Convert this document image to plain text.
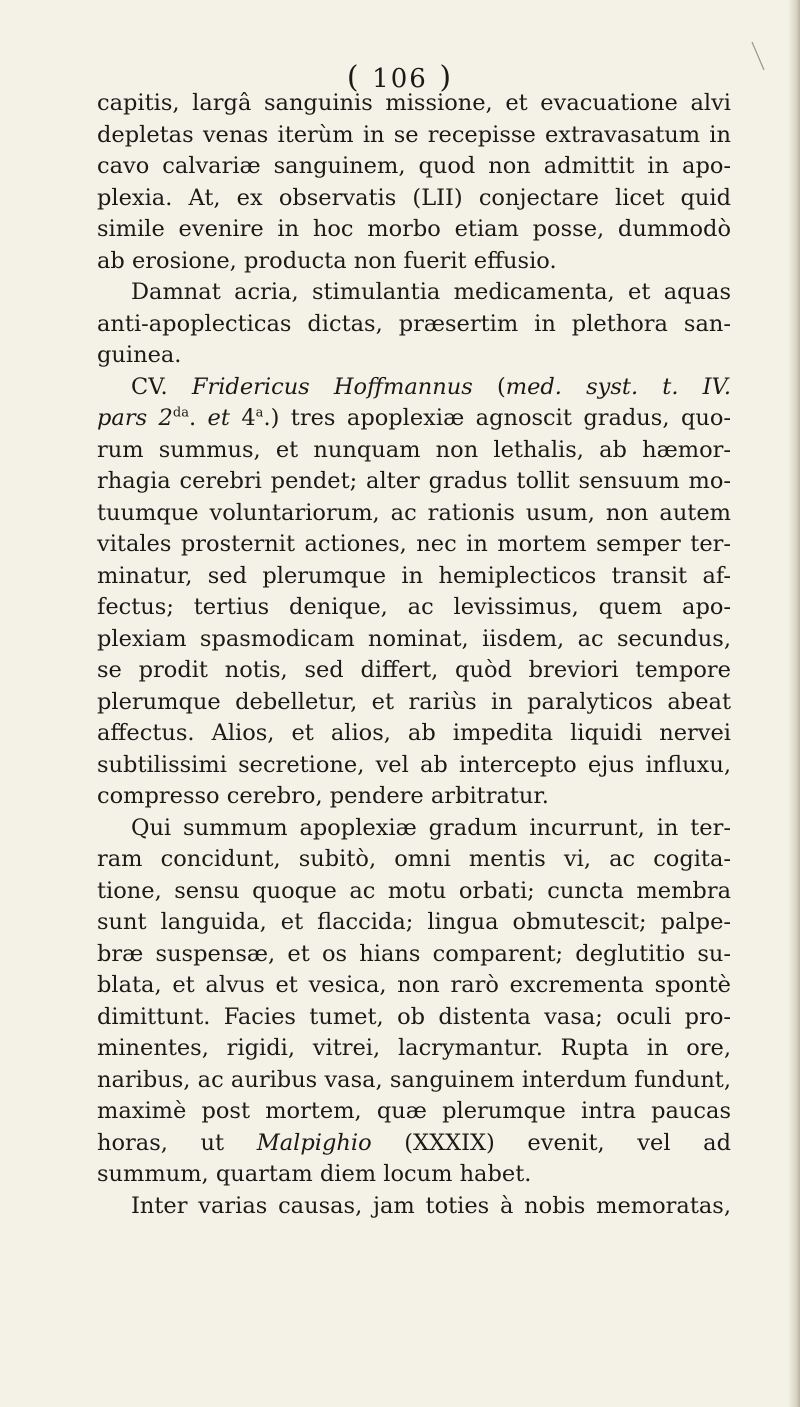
( 106 )
capitis, largâ sanguinis missione, et evacuatione alvi
depletas venas iterùm in se recepisse extravasatum in
cavo calvariæ sanguinem, quod non admittit in apo-
plexia. At, ex observatis (LII) conjectare licet quid
simile evenire in hoc morbo etiam posse, dummodò
ab erosione, producta non fuerit effusio.
Damnat acria, stimulantia medicamenta, et aquas
anti-apoplecticas dictas, præsertim in plethora san-
guinea.
CV. Fridericus Hoffmannus (med. syst. t. IV.
pars $2^{da}$. et 4$^a$.) tres apoplexiæ agnoscit gradus, quo-
rum summus, et nunquam non lethalis, ab hæmor-
rhagia cerebri pendet; alter gradus tollit sensuum mo-
tuumque voluntariorum, ac rationis usum, non autem
vitales prosternit actiones, nec in mortem semper ter-
minatur, sed plerumque in hemiplecticos transit af-
fectus; tertius denique, ac levissimus, quem apo-
plexiam spasmodicam nominat, iisdem, ac secundus,
se prodit notis, sed differt, quòd breviori tempore
plerumque debelletur, et rariùs in paralyticos abeat
affectus. Alios, et alios, ab impedita liquidi nervei
subtilissimi secretione, vel ab intercepto ejus influxu,
compresso cerebro, pendere arbitratur.
Qui summum apoplexiæ gradum incurrunt, in ter-
ram concidunt, subitò, omni mentis vi, ac cogita-
tione, sensu quoque ac motu orbati; cuncta membra
sunt languida, et flaccida; lingua obmutescit; palpe-
bræ suspensæ, et os hians comparent; deglutitio su-
blata, et alvus et vesica, non rarò excrementa spontè
dimittunt. Facies tumet, ob distenta vasa; oculi pro-
minentes, rigidi, vitrei, lacrymantur. Rupta in ore,
naribus, ac auribus vasa, sanguinem interdum fundunt,
maximè post mortem, quæ plerumque intra paucas
horas, ut Malpighio (XXXIX) evenit, vel ad
summum, quartam diem locum habet.
Inter varias causas, jam toties à nobis memoratas,
